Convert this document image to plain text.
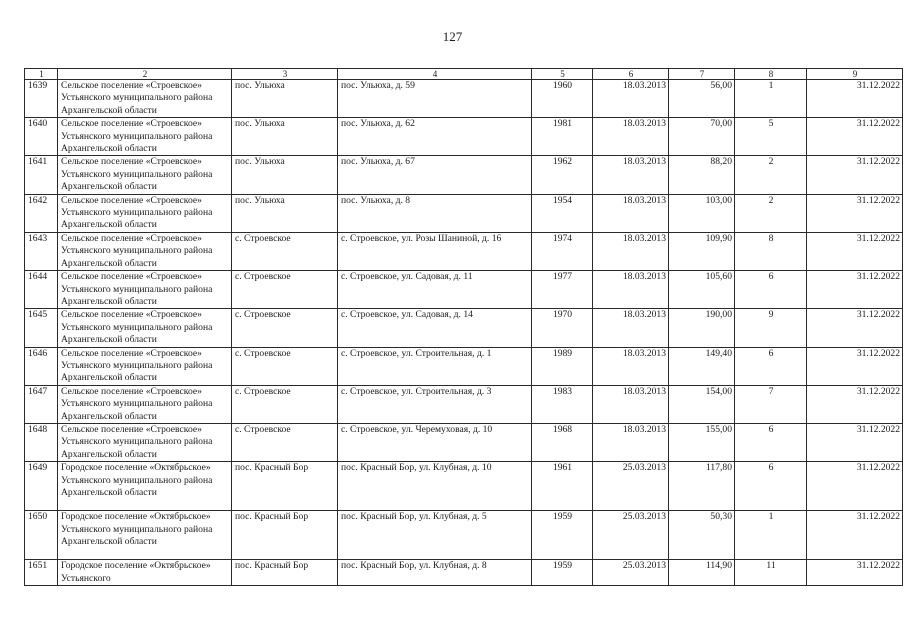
127
1	2	3	4	5	6	7	8	9
1639	Сельское поселение «Строевское» Устьянского муниципального района Архангельской области	пос. Ульюха	пос. Ульюха, д. 59	1960	18.03.2013	56,00	1	31.12.2022
1640	Сельское поселение «Строевское» Устьянского муниципального района Архангельской области	пос. Ульюха	пос. Ульюха, д. 62	1981	18.03.2013	70,00	5	31.12.2022
1641	Сельское поселение «Строевское» Устьянского муниципального района Архангельской области	пос. Ульюха	пос. Ульюха, д. 67	1962	18.03.2013	88,20	2	31.12.2022
1642	Сельское поселение «Строевское» Устьянского муниципального района Архангельской области	пос. Ульюха	пос. Ульюха, д. 8	1954	18.03.2013	103,00	2	31.12.2022
1643	Сельское поселение «Строевское» Устьянского муниципального района Архангельской области	с. Строевское	с. Строевское, ул. Розы Шаниной, д. 16	1974	18.03.2013	109,90	8	31.12.2022
1644	Сельское поселение «Строевское» Устьянского муниципального района Архангельской области	с. Строевское	с. Строевское, ул. Садовая, д. 11	1977	18.03.2013	105,60	6	31.12.2022
1645	Сельское поселение «Строевское» Устьянского муниципального района Архангельской области	с. Строевское	с. Строевское, ул. Садовая, д. 14	1970	18.03.2013	190,00	9	31.12.2022
1646	Сельское поселение «Строевское» Устьянского муниципального района Архангельской области	с. Строевское	с. Строевское, ул. Строительная, д. 1	1989	18.03.2013	149,40	6	31.12.2022
1647	Сельское поселение «Строевское» Устьянского муниципального района Архангельской области	с. Строевское	с. Строевское, ул. Строительная, д. 3	1983	18.03.2013	154,00	7	31.12.2022
1648	Сельское поселение «Строевское» Устьянского муниципального района Архангельской области	с. Строевское	с. Строевское, ул. Черемуховая, д. 10	1968	18.03.2013	155,00	6	31.12.2022
1649	Городское поселение «Октябрьское» Устьянского муниципального района Архангельской области	пос. Красный Бор	пос. Красный Бор, ул. Клубная, д. 10	1961	25.03.2013	117,80	6	31.12.2022
1650	Городское поселение «Октябрьское» Устьянского муниципального района Архангельской области	пос. Красный Бор	пос. Красный Бор, ул. Клубная, д. 5	1959	25.03.2013	50,30	1	31.12.2022
1651	Городское поселение «Октябрьское» Устьянского	пос. Красный Бор	пос. Красный Бор, ул. Клубная, д. 8	1959	25.03.2013	114,90	11	31.12.2022
